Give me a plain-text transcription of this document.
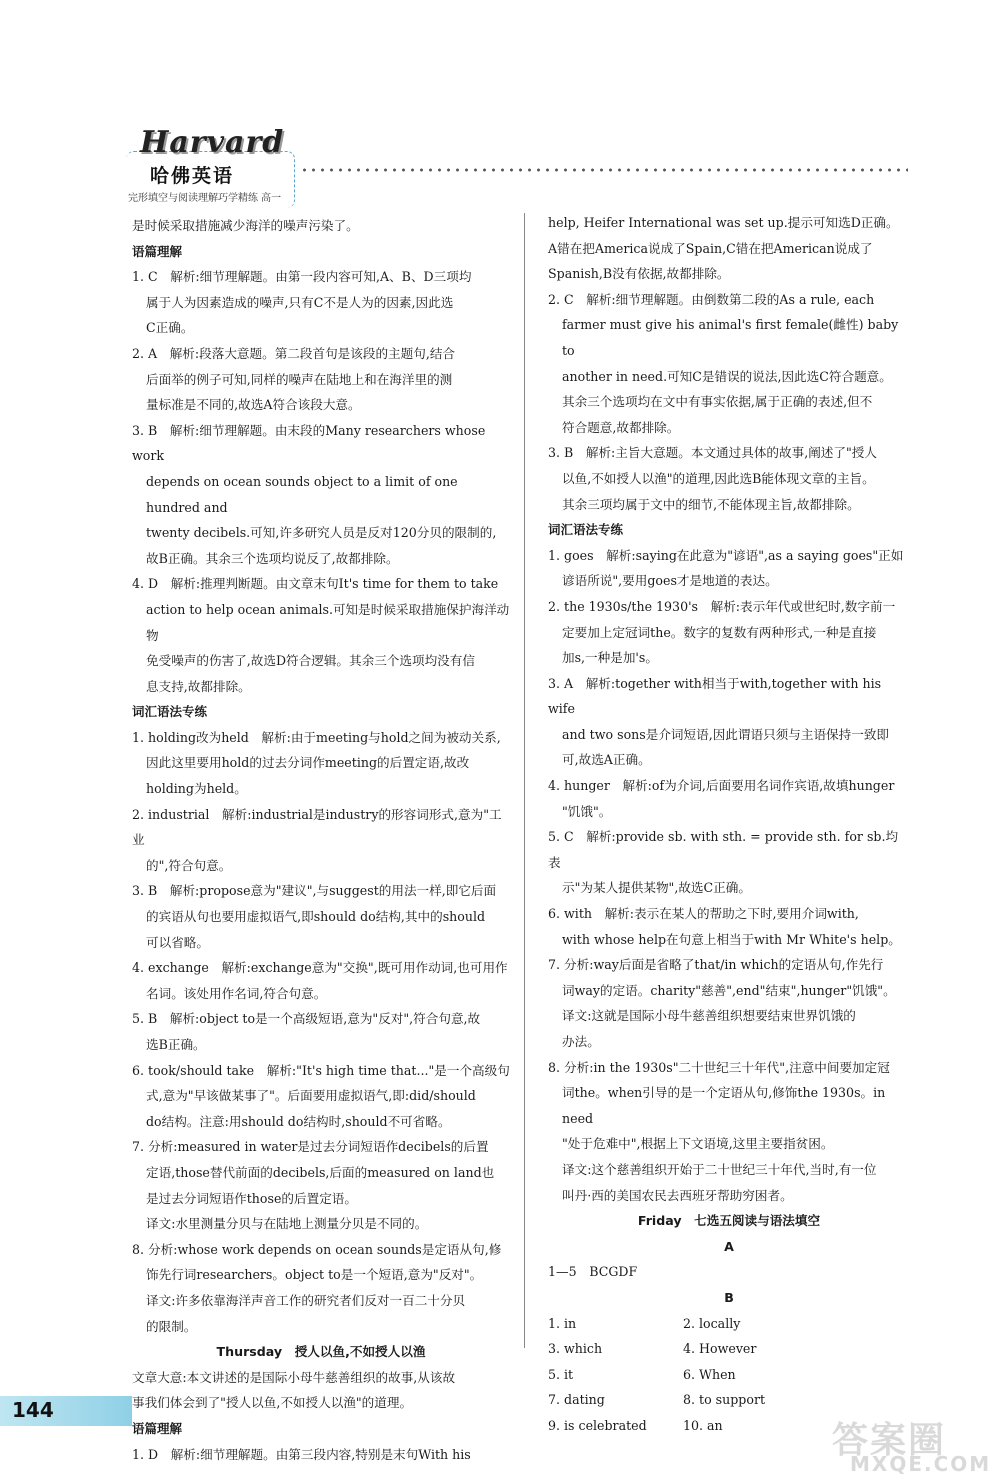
Harvard
哈佛英语
完形填空与阅读理解巧学精练 高一

是时候采取措施减少海洋的噪声污染了。

语篇理解

1. C　解析:细节理解题。由第一段内容可知,A、B、D三项均

属于人为因素造成的噪声,只有C不是人为的因素,因此选

C正确。

2. A　解析:段落大意题。第二段首句是该段的主题句,结合

后面举的例子可知,同样的噪声在陆地上和在海洋里的测

量标准是不同的,故选A符合该段大意。

3. B　解析:细节理解题。由末段的Many researchers whose work

depends on ocean sounds object to a limit of one hundred and

twenty decibels.可知,许多研究人员是反对120分贝的限制的,

故B正确。其余三个选项均说反了,故都排除。

4. D　解析:推理判断题。由文章末句It's time for them to take

action to help ocean animals.可知是时候采取措施保护海洋动物

免受噪声的伤害了,故选D符合逻辑。其余三个选项均没有信

息支持,故都排除。

词汇语法专练

1. holding改为held　解析:由于meeting与hold之间为被动关系,

因此这里要用hold的过去分词作meeting的后置定语,故改

holding为held。

2. industrial　解析:industrial是industry的形容词形式,意为"工业

的",符合句意。

3. B　解析:propose意为"建议",与suggest的用法一样,即它后面

的宾语从句也要用虚拟语气,即should do结构,其中的should

可以省略。

4. exchange　解析:exchange意为"交换",既可用作动词,也可用作

名词。该处用作名词,符合句意。

5. B　解析:object to是一个高级短语,意为"反对",符合句意,故

选B正确。

6. took/should take　解析:"It's high time that..."是一个高级句

式,意为"早该做某事了"。后面要用虚拟语气,即:did/should

do结构。注意:用should do结构时,should不可省略。

7. 分析:measured in water是过去分词短语作decibels的后置

定语,those替代前面的decibels,后面的measured on land也

是过去分词短语作those的后置定语。

译文:水里测量分贝与在陆地上测量分贝是不同的。

8. 分析:whose work depends on ocean sounds是定语从句,修

饰先行词researchers。object to是一个短语,意为"反对"。

译文:许多依靠海洋声音工作的研究者们反对一百二十分贝

的限制。

Thursday　授人以鱼,不如授人以渔

文章大意:本文讲述的是国际小母牛慈善组织的故事,从该故

事我们体会到了"授人以鱼,不如授人以渔"的道理。

语篇理解

1. D　解析:细节理解题。由第三段内容,特别是末句With his

help, Heifer International was set up.提示可知选D正确。

A错在把America说成了Spain,C错在把American说成了

Spanish,B没有依据,故都排除。

2. C　解析:细节理解题。由倒数第二段的As a rule, each

farmer must give his animal's first female(雌性) baby to

another in need.可知C是错误的说法,因此选C符合题意。

其余三个选项均在文中有事实依据,属于正确的表述,但不

符合题意,故都排除。

3. B　解析:主旨大意题。本文通过具体的故事,阐述了"授人

以鱼,不如授人以渔"的道理,因此选B能体现文章的主旨。

其余三项均属于文中的细节,不能体现主旨,故都排除。

词汇语法专练

1. goes　解析:saying在此意为"谚语",as a saying goes"正如

谚语所说",要用goes才是地道的表达。

2. the 1930s/the 1930's　解析:表示年代或世纪时,数字前一

定要加上定冠词the。数字的复数有两种形式,一种是直接

加s,一种是加's。

3. A　解析:together with相当于with,together with his wife

and two sons是介词短语,因此谓语只须与主语保持一致即

可,故选A正确。

4. hunger　解析:of为介词,后面要用名词作宾语,故填hunger

"饥饿"。

5. C　解析:provide sb. with sth. = provide sth. for sb.均表

示"为某人提供某物",故选C正确。

6. with　解析:表示在某人的帮助之下时,要用介词with,

with whose help在句意上相当于with Mr White's help。

7. 分析:way后面是省略了that/in which的定语从句,作先行

词way的定语。charity"慈善",end"结束",hunger"饥饿"。

译文:这就是国际小母牛慈善组织想要结束世界饥饿的

办法。

8. 分析:in the 1930s"二十世纪三十年代",注意中间要加定冠

词the。when引导的是一个定语从句,修饰the 1930s。in need

"处于危难中",根据上下文语境,这里主要指贫困。

译文:这个慈善组织开始于二十世纪三十年代,当时,有一位

叫丹·西的美国农民去西班牙帮助穷困者。

Friday　七选五阅读与语法填空

A

1—5　BCGDF

B

1. in	2. locally
3. which	4. However
5. it	6. When
7. dating	8. to support
9. is celebrated	10. an
144
答案圈
MXQE.COM
